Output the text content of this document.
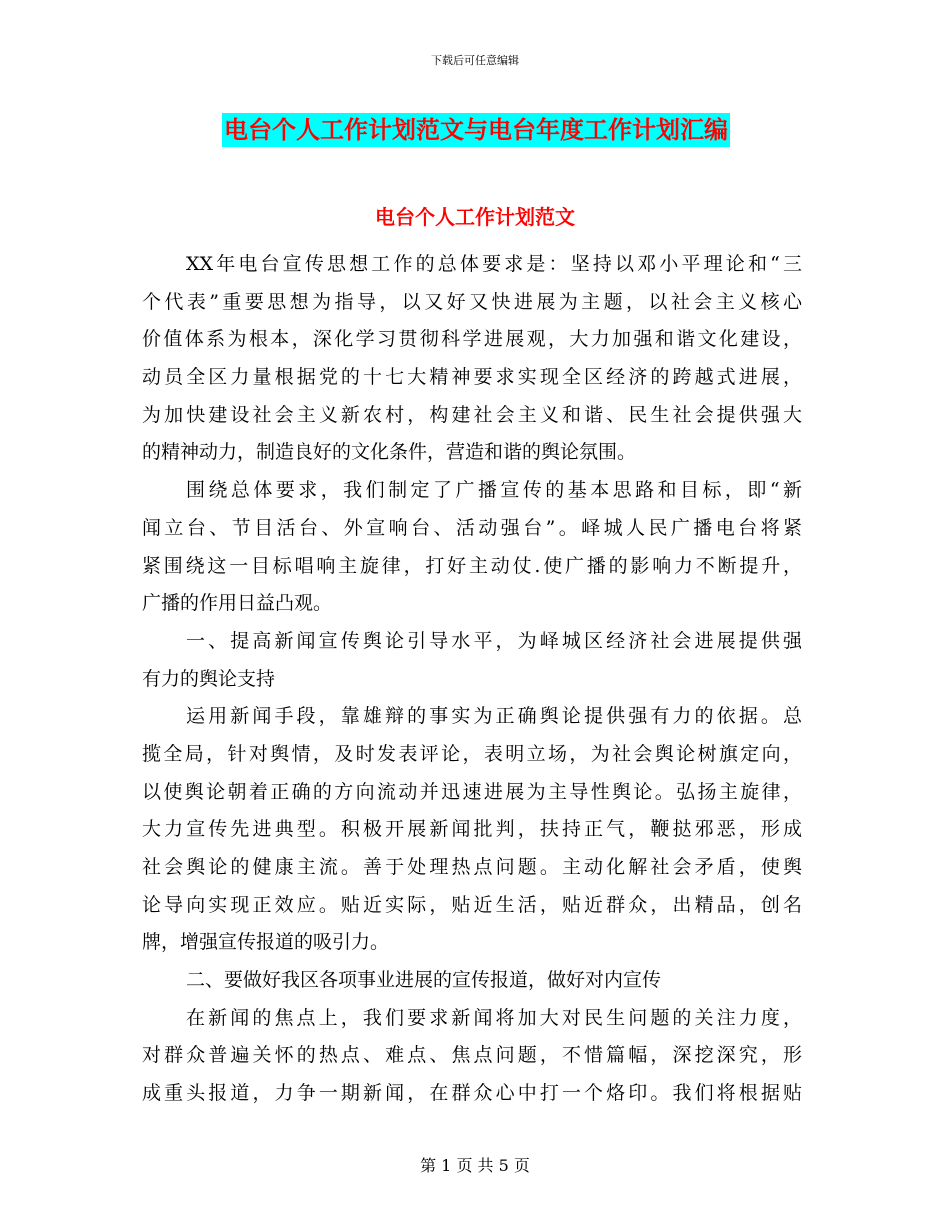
下载后可任意编辑
电台个人工作计划范文与电台年度工作计划汇编
电台个人工作计划范文
XX年电台宣传思想工作的总体要求是：坚持以邓小平理论和“三
个代表”重要思想为指导，以又好又快进展为主题，以社会主义核心
价值体系为根本，深化学习贯彻科学进展观，大力加强和谐文化建设，
动员全区力量根据党的十七大精神要求实现全区经济的跨越式进展，
为加快建设社会主义新农村，构建社会主义和谐、民生社会提供强大
的精神动力，制造良好的文化条件，营造和谐的舆论氛围。
围绕总体要求，我们制定了广播宣传的基本思路和目标，即“新
闻立台、节目活台、外宣响台、活动强台”。峄城人民广播电台将紧
紧围绕这一目标唱响主旋律，打好主动仗.使广播的影响力不断提升，
广播的作用日益凸观。
一、提高新闻宣传舆论引导水平，为峄城区经济社会进展提供强
有力的舆论支持
运用新闻手段，靠雄辩的事实为正确舆论提供强有力的依据。总
揽全局，针对舆情，及时发表评论，表明立场，为社会舆论树旗定向，
以使舆论朝着正确的方向流动并迅速进展为主导性舆论。弘扬主旋律，
大力宣传先进典型。积极开展新闻批判，扶持正气，鞭挞邪恶，形成
社会舆论的健康主流。善于处理热点问题。主动化解社会矛盾，使舆
论导向实现正效应。贴近实际，贴近生活，贴近群众，出精品，创名
牌，增强宣传报道的吸引力。
二、要做好我区各项事业进展的宣传报道，做好对内宣传
在新闻的焦点上，我们要求新闻将加大对民生问题的关注力度，
对群众普遍关怀的热点、难点、焦点问题，不惜篇幅，深挖深究，形
成重头报道，力争一期新闻，在群众心中打一个烙印。我们将根据贴
第 1 页 共 5 页
